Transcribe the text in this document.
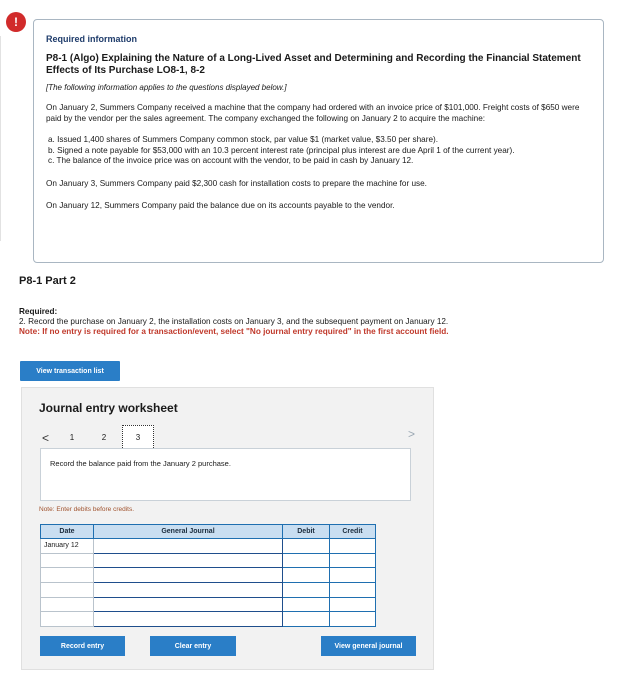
!

Required information

P8-1 (Algo) Explaining the Nature of a Long-Lived Asset and Determining and Recording the Financial Statement Effects of Its Purchase LO8-1, 8-2

[The following information applies to the questions displayed below.]

On January 2, Summers Company received a machine that the company had ordered with an invoice price of $101,000. Freight costs of $650 were paid by the vendor per the sales agreement. The company exchanged the following on January 2 to acquire the machine:

a. Issued 1,400 shares of Summers Company common stock, par value $1 (market value, $3.50 per share).
b. Signed a note payable for $53,000 with an 10.3 percent interest rate (principal plus interest are due April 1 of the current year).
c. The balance of the invoice price was on account with the vendor, to be paid in cash by January 12.

On January 3, Summers Company paid $2,300 cash for installation costs to prepare the machine for use.

On January 12, Summers Company paid the balance due on its accounts payable to the vendor.

P8-1 Part 2
Required:
2. Record the purchase on January 2, the installation costs on January 3, and the subsequent payment on January 12.
Note: If no entry is required for a transaction/event, select "No journal entry required" in the first account field.
View transaction list
Journal entry worksheet
<	1	2	3	>
Record the balance paid from the January 2 purchase.
Note: Enter debits before credits.
Date	General Journal	Debit	Credit
January 12			

Record entry	Clear entry	View general journal
